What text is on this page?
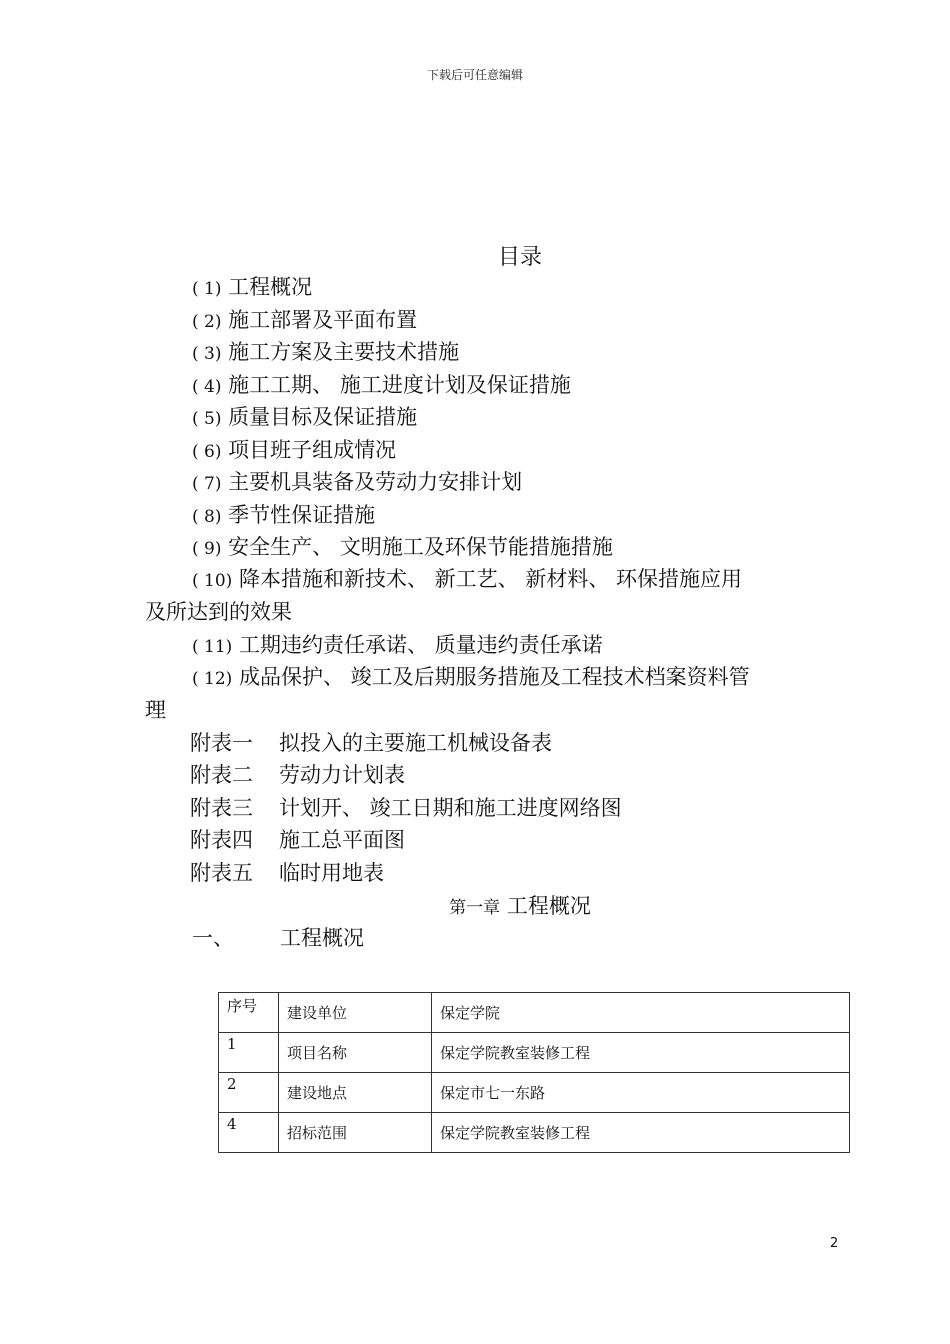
下载后可任意编辑
目录
( 1) 工程概况
( 2) 施工部署及平面布置
( 3) 施工方案及主要技术措施
( 4) 施工工期、 施工进度计划及保证措施
( 5) 质量目标及保证措施
( 6) 项目班子组成情况
( 7) 主要机具装备及劳动力安排计划
( 8) 季节性保证措施
( 9) 安全生产、 文明施工及环保节能措施措施
( 10) 降本措施和新技术、 新工艺、 新材料、 环保措施应用
及所达到的效果
( 11) 工期违约责任承诺、 质量违约责任承诺
( 12) 成品保护、 竣工及后期服务措施及工程技术档案资料管
理
附表一 拟投入的主要施工机械设备表
附表二 劳动力计划表
附表三 计划开、 竣工日期和施工进度网络图
附表四 施工总平面图
附表五 临时用地表
第一章 工程概况
一、 工程概况
序号	建设单位	保定学院
1	项目名称	保定学院教室装修工程
2	建设地点	保定市七一东路
4	招标范围	保定学院教室装修工程
2
